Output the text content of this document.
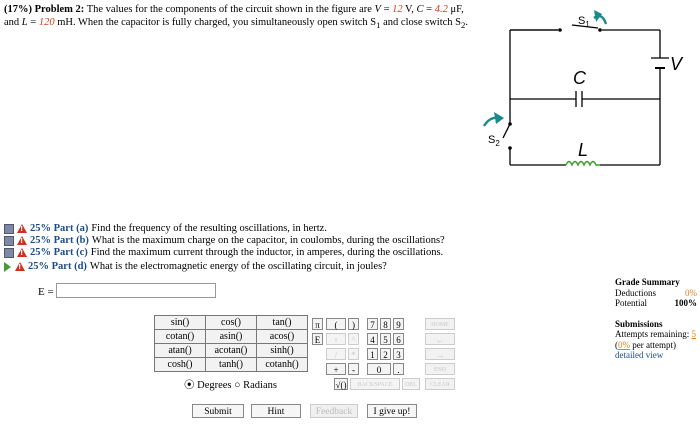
(17%) Problem 2: The values for the components of the circuit shown in the figure are V = 12 V, C = 4.2 μF,
and L = 120 mH. When the capacitor is fully charged, you simultaneously open switch $S_1$ and close switch $S_2$.	$S_1$
$S_2$
C
L
V
!
25% Part (a) Find the frequency of the resulting oscillations, in hertz.
!
25% Part (b) What is the maximum charge on the capacitor, in coulombs, during the oscillations?
!
25% Part (c) Find the maximum current through the inductor, in amperes, during the oscillations.
!
25% Part (d) What is the electromagnetic energy of the oscillating circuit, in joules?
E =
sin()	cos()	tan()
cotan()	asin()	acos()
atan()	acotan()	sinh()
cosh()	tanh()	cotanh()
⦿ Degrees ○ Radians
π	(	)
E	↑	^
/	*
+	-
√()
7 8 9
4 5 6
1 2 3
0	.
BACKSPACE	DEL
HOME
←
→
END
CLEAR
Submit	Hint	Feedback	I give up!
Grade Summary
Deductions	0%
Potential	100%
Submissions
Attempts remaining: 5
(0% per attempt)
detailed view
